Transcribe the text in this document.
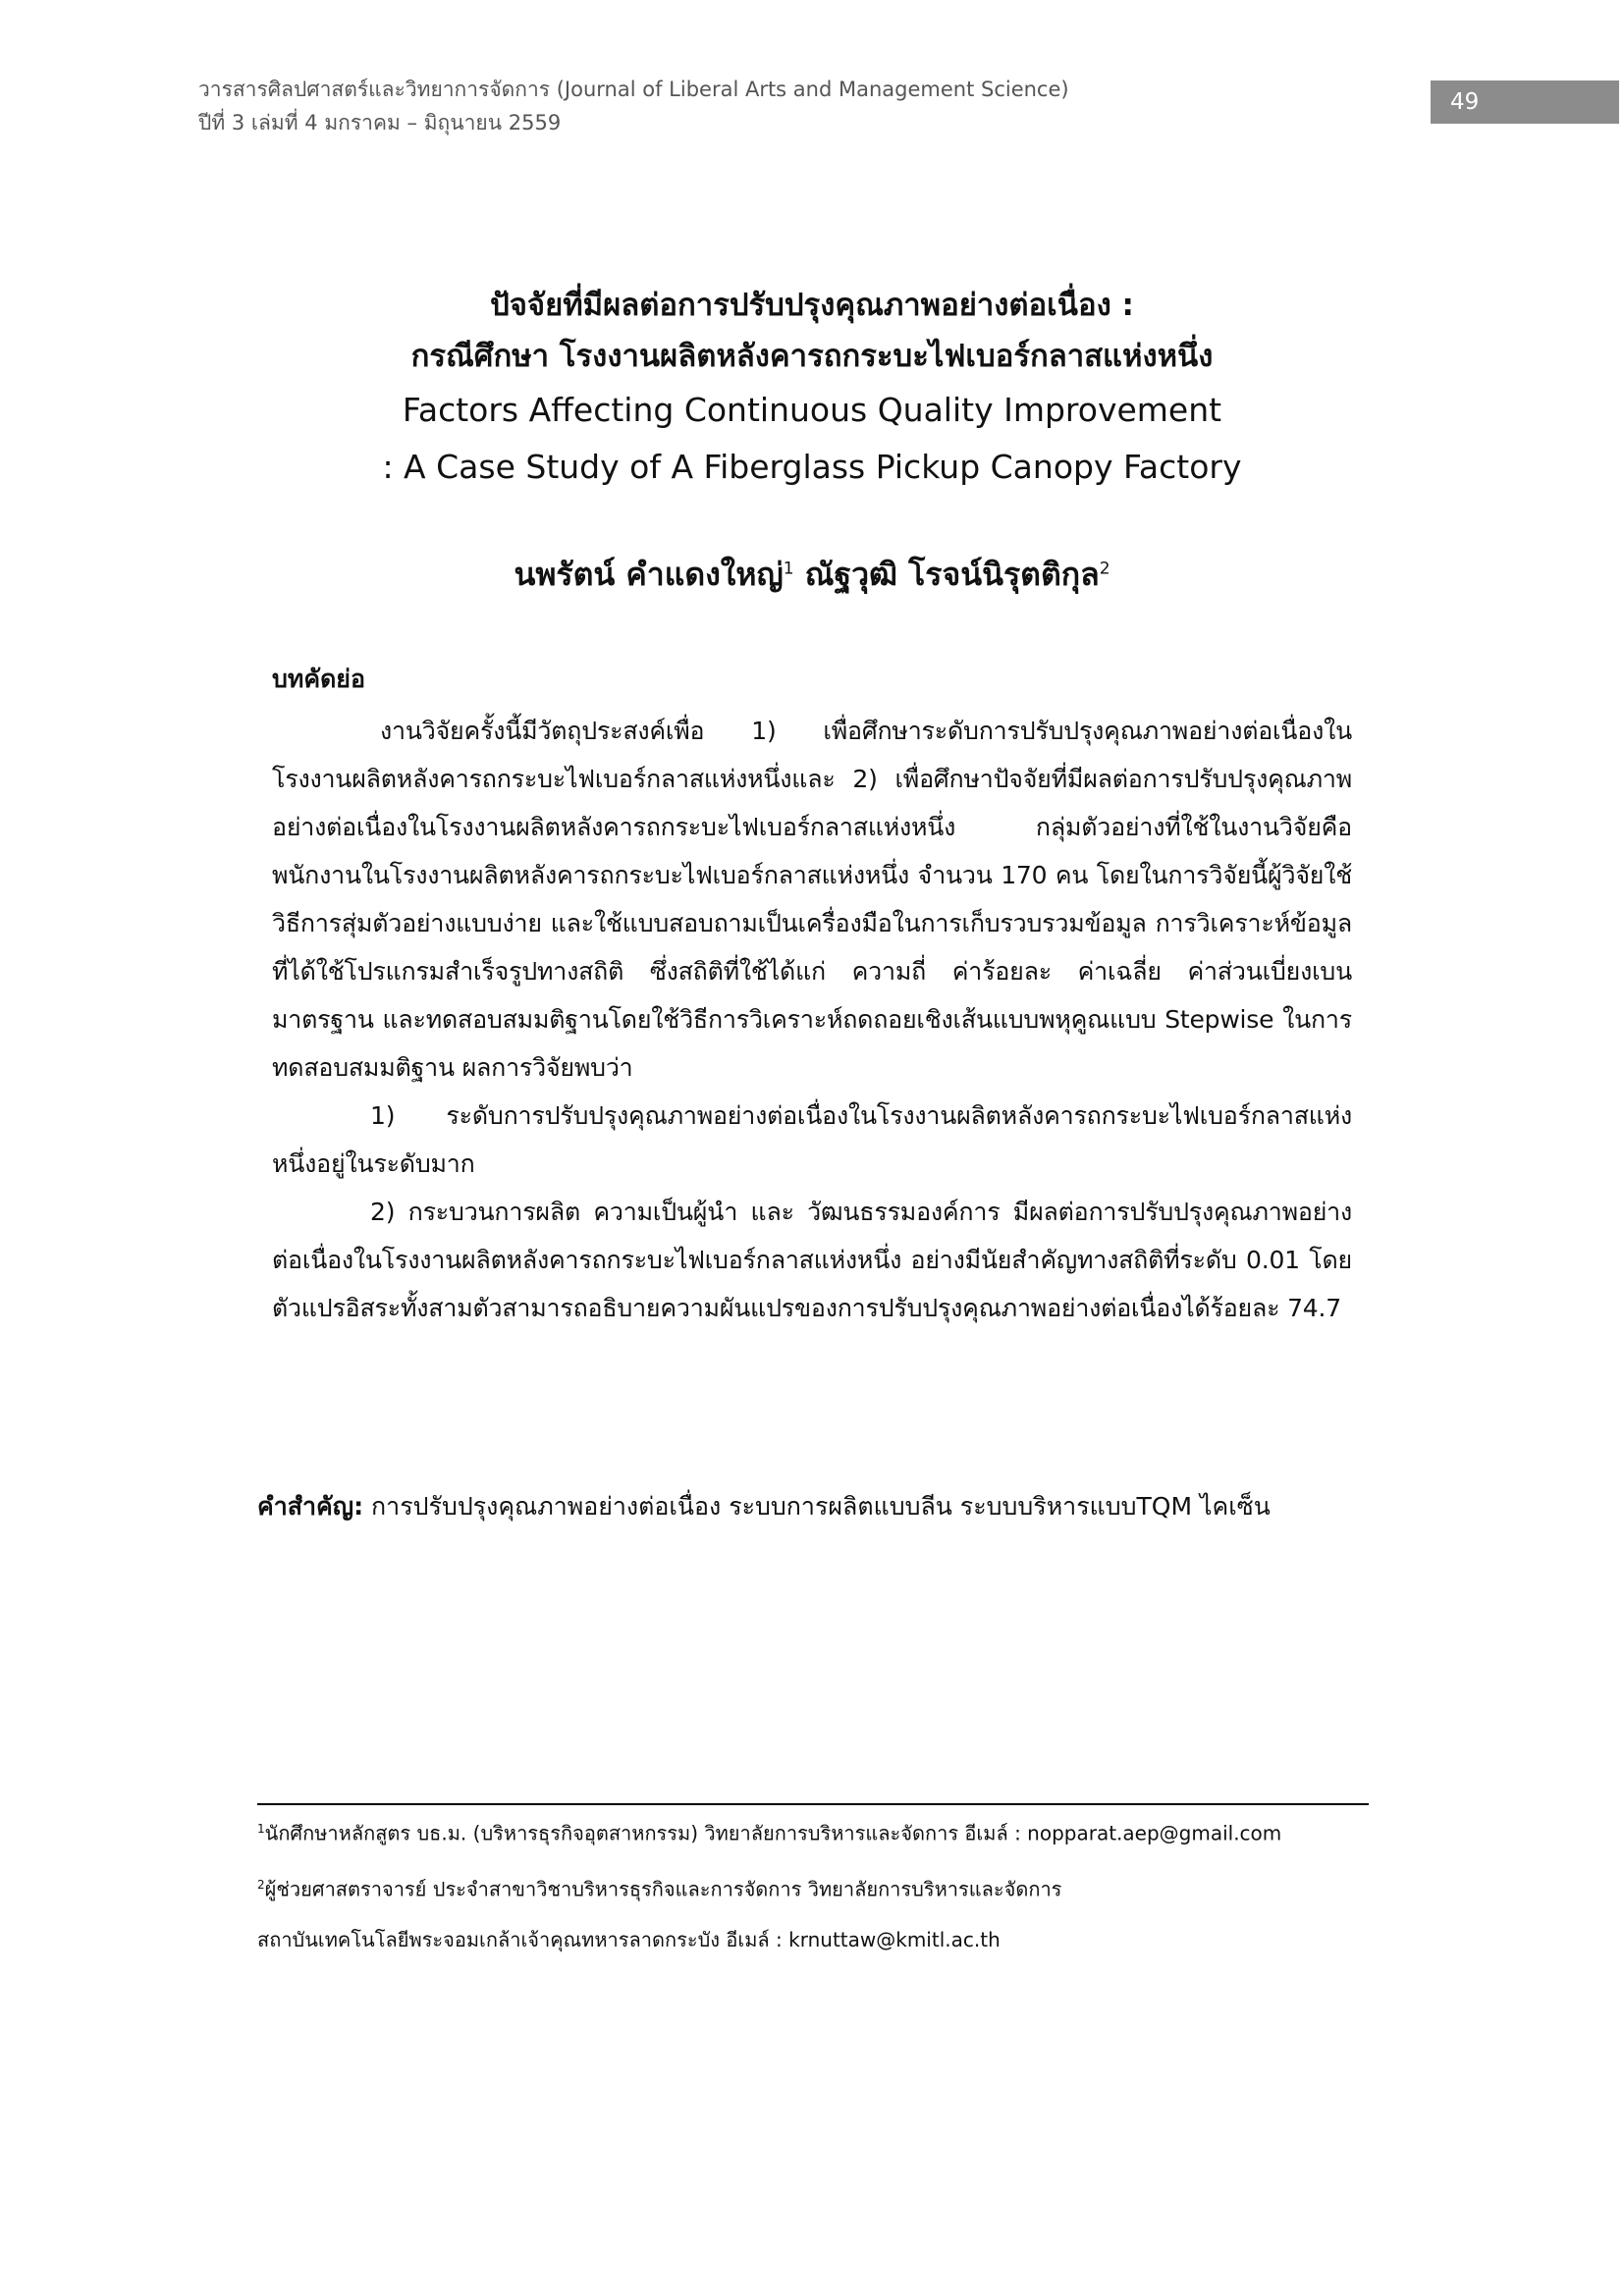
วารสารศิลปศาสตร์และวิทยาการจัดการ (Journal of Liberal Arts and Management Science)
ปีที่ 3 เล่มที่ 4 มกราคม – มิถุนายน 2559
49
ปัจจัยที่มีผลต่อการปรับปรุงคุณภาพอย่างต่อเนื่อง :
กรณีศึกษา โรงงานผลิตหลังคารถกระบะไฟเบอร์กลาสแห่งหนึ่ง
Factors Affecting Continuous Quality Improvement
: A Case Study of A Fiberglass Pickup Canopy Factory
นพรัตน์ คำแดงใหญ่$^1$ ณัฐวุฒิ โรจน์นิรุตติกุล$^2$
บทคัดย่อ

งานวิจัยครั้งนี้มีวัตถุประสงค์เพื่อ 1) เพื่อศึกษาระดับการปรับปรุงคุณภาพอย่างต่อเนื่องในโรงงานผลิตหลังคารถกระบะไฟเบอร์กลาสแห่งหนึ่งและ 2) เพื่อศึกษาปัจจัยที่มีผลต่อการปรับปรุงคุณภาพอย่างต่อเนื่องในโรงงานผลิตหลังคารถกระบะไฟเบอร์กลาสแห่งหนึ่ง กลุ่มตัวอย่างที่ใช้ในงานวิจัยคือ พนักงานในโรงงานผลิตหลังคารถกระบะไฟเบอร์กลาสแห่งหนึ่ง จำนวน 170 คน โดยในการวิจัยนี้ผู้วิจัยใช้วิธีการสุ่มตัวอย่างแบบง่าย และใช้แบบสอบถามเป็นเครื่องมือในการเก็บรวบรวมข้อมูล การวิเคราะห์ข้อมูลที่ได้ใช้โปรแกรมสำเร็จรูปทางสถิติ ซึ่งสถิติที่ใช้ได้แก่ ความถี่ ค่าร้อยละ ค่าเฉลี่ย ค่าส่วนเบี่ยงเบนมาตรฐาน และทดสอบสมมติฐานโดยใช้วิธีการวิเคราะห์ถดถอยเชิงเส้นแบบพหุคูณแบบ Stepwise ในการทดสอบสมมติฐาน ผลการวิจัยพบว่า

1) ระดับการปรับปรุงคุณภาพอย่างต่อเนื่องในโรงงานผลิตหลังคารถกระบะไฟเบอร์กลาสแห่งหนึ่งอยู่ในระดับมาก

2) กระบวนการผลิต ความเป็นผู้นำ และ วัฒนธรรมองค์การ มีผลต่อการปรับปรุงคุณภาพอย่างต่อเนื่องในโรงงานผลิตหลังคารถกระบะไฟเบอร์กลาสแห่งหนึ่ง อย่างมีนัยสำคัญทางสถิติที่ระดับ 0.01 โดยตัวแปรอิสระทั้งสามตัวสามารถอธิบายความผันแปรของการปรับปรุงคุณภาพอย่างต่อเนื่องได้ร้อยละ 74.7

คำสำคัญ: การปรับปรุงคุณภาพอย่างต่อเนื่อง ระบบการผลิตแบบลีน ระบบบริหารแบบTQM ไคเซ็น
$^1$นักศึกษาหลักสูตร บธ.ม. (บริหารธุรกิจอุตสาหกรรม) วิทยาลัยการบริหารและจัดการ อีเมล์ : nopparat.aep@gmail.com
$^2$ผู้ช่วยศาสตราจารย์ ประจำสาขาวิชาบริหารธุรกิจและการจัดการ วิทยาลัยการบริหารและจัดการ
สถาบันเทคโนโลยีพระจอมเกล้าเจ้าคุณทหารลาดกระบัง อีเมล์ : krnuttaw@kmitl.ac.th
